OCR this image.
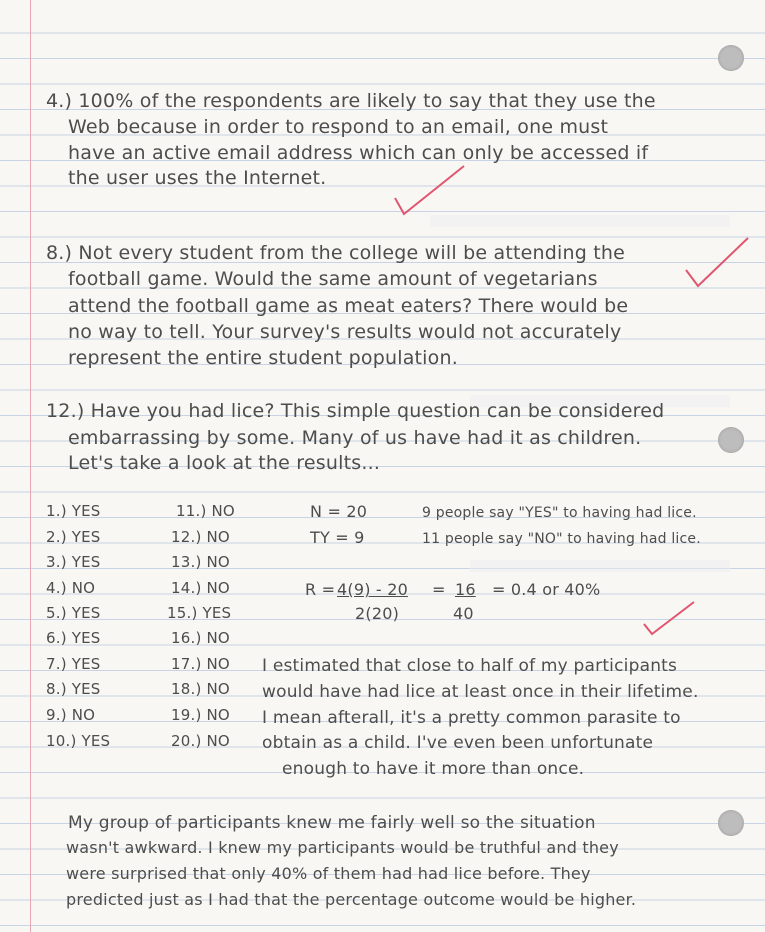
4.) 100% of the respondents are likely to say that they use the
Web because in order to respond to an email, one must
have an active email address which can only be accessed if
the user uses the Internet.
8.) Not every student from the college will be attending the
football game. Would the same amount of vegetarians
attend the football game as meat eaters? There would be
no way to tell. Your survey's results would not accurately
represent the entire student population.
12.) Have you had lice? This simple question can be considered
embarrassing by some. Many of us have had it as children.
Let's take a look at the results...
1.) YES
2.) YES
3.) YES
4.) NO
5.) YES
6.) YES
7.) YES
8.) YES
9.) NO
10.) YES
11.) NO
12.) NO
13.) NO
14.) NO
15.) YES
16.) NO
17.) NO
18.) NO
19.) NO
20.) NO
N = 20
TY = 9
9 people say "YES" to having had lice.
11 people say "NO" to having had lice.
R = 4(9) - 20
2(20)
= 16
40
= 0.4 or 40%
I estimated that close to half of my participants
would have had lice at least once in their lifetime.
I mean afterall, it's a pretty common parasite to
obtain as a child. I've even been unfortunate
enough to have it more than once.
My group of participants knew me fairly well so the situation
wasn't awkward. I knew my participants would be truthful and they
were surprised that only 40% of them had had lice before. They
predicted just as I had that the percentage outcome would be higher.
